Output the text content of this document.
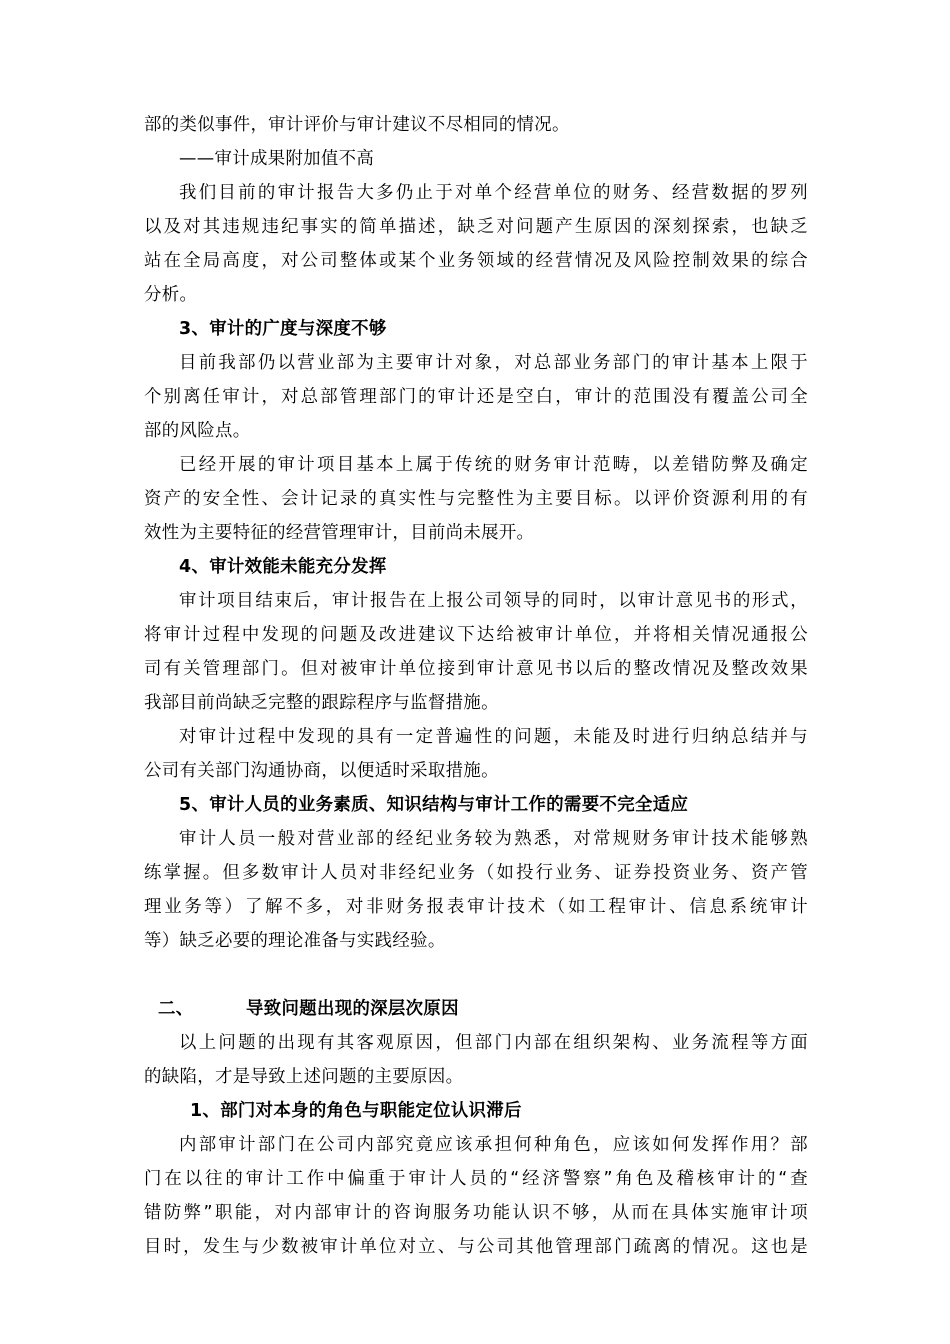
部的类似事件，审计评价与审计建议不尽相同的情况。
——审计成果附加值不高
我们目前的审计报告大多仍止于对单个经营单位的财务、经营数据的罗列
以及对其违规违纪事实的简单描述，缺乏对问题产生原因的深刻探索，也缺乏
站在全局高度，对公司整体或某个业务领域的经营情况及风险控制效果的综合
分析。
3、审计的广度与深度不够
目前我部仍以营业部为主要审计对象，对总部业务部门的审计基本上限于
个别离任审计，对总部管理部门的审计还是空白，审计的范围没有覆盖公司全
部的风险点。
已经开展的审计项目基本上属于传统的财务审计范畴，以差错防弊及确定
资产的安全性、会计记录的真实性与完整性为主要目标。以评价资源利用的有
效性为主要特征的经营管理审计，目前尚未展开。
4、审计效能未能充分发挥
审计项目结束后，审计报告在上报公司领导的同时，以审计意见书的形式，
将审计过程中发现的问题及改进建议下达给被审计单位，并将相关情况通报公
司有关管理部门。但对被审计单位接到审计意见书以后的整改情况及整改效果
我部目前尚缺乏完整的跟踪程序与监督措施。
对审计过程中发现的具有一定普遍性的问题，未能及时进行归纳总结并与
公司有关部门沟通协商，以便适时采取措施。
5、审计人员的业务素质、知识结构与审计工作的需要不完全适应
审计人员一般对营业部的经纪业务较为熟悉，对常规财务审计技术能够熟
练掌握。但多数审计人员对非经纪业务（如投行业务、证券投资业务、资产管
理业务等）了解不多，对非财务报表审计技术（如工程审计、信息系统审计
等）缺乏必要的理论准备与实践经验。
二、	导致问题出现的深层次原因
以上问题的出现有其客观原因，但部门内部在组织架构、业务流程等方面
的缺陷，才是导致上述问题的主要原因。
1、部门对本身的角色与职能定位认识滞后
内部审计部门在公司内部究竟应该承担何种角色，应该如何发挥作用？部
门在以往的审计工作中偏重于审计人员的“经济警察”角色及稽核审计的“查
错防弊”职能，对内部审计的咨询服务功能认识不够，从而在具体实施审计项
目时，发生与少数被审计单位对立、与公司其他管理部门疏离的情况。这也是
